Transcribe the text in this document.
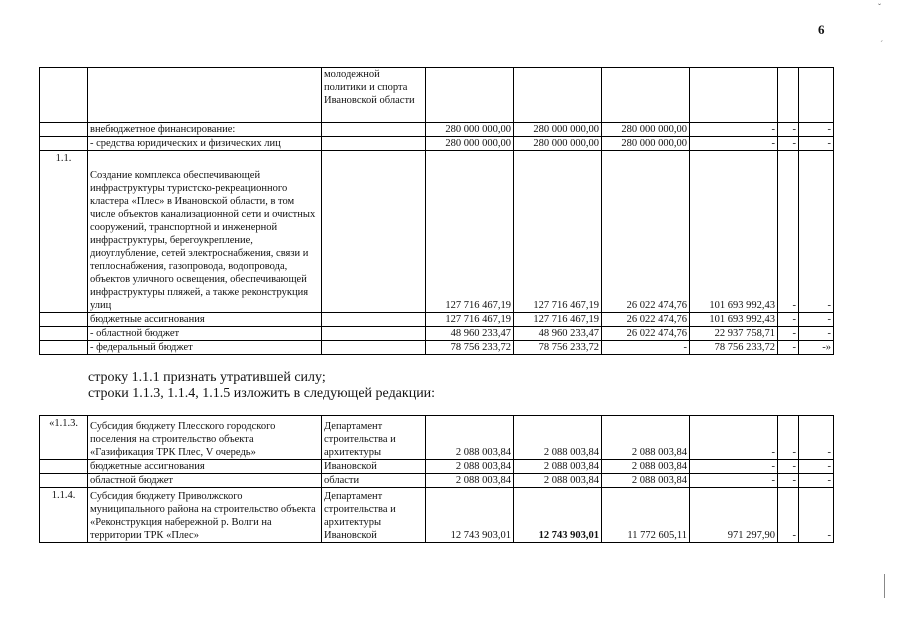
6
ˇ
´
		молодежной политики и спорта Ивановской области						
	внебюджетное финансирование:		280 000 000,00	280 000 000,00	280 000 000,00	-	-	-
	- средства юридических и физических лиц		280 000 000,00	280 000 000,00	280 000 000,00	-	-	-
1.1.	Создание комплекса обеспечивающей инфраструктуры туристско-рекреационного кластера «Плес» в Ивановской области, в том числе объектов канализационной сети и очистных сооружений, транспортной и инженерной инфраструктуры, берегоукрепление, диоуглубление, сетей электроснабжения, связи и теплоснабжения, газопровода, водопровода, объектов уличного освещения, обеспечивающей инфраструктуры пляжей, а также реконструкция улиц		127 716 467,19	127 716 467,19	26 022 474,76	101 693 992,43	-	-
	бюджетные ассигнования		127 716 467,19	127 716 467,19	26 022 474,76	101 693 992,43	-	-
	- областной бюджет		48 960 233,47	48 960 233,47	26 022 474,76	22 937 758,71	-	-
	- федеральный бюджет		78 756 233,72	78 756 233,72	-	78 756 233,72	-	-»
строку 1.1.1 признать утратившей силу;
строки 1.1.3, 1.1.4, 1.1.5 изложить в следующей редакции:
«1.1.3.	Субсидия бюджету Плесского городского поселения на строительство объекта «Газификация ТРК Плес, V очередь»	Департамент строительства и архитектуры	2 088 003,84	2 088 003,84	2 088 003,84	-	-	-
	бюджетные ассигнования	Ивановской	2 088 003,84	2 088 003,84	2 088 003,84	-	-	-
	областной бюджет	области	2 088 003,84	2 088 003,84	2 088 003,84	-	-	-
1.1.4.	Субсидия бюджету Приволжского муниципального района на строительство объекта «Реконструкция набережной р. Волги на территории ТРК «Плес»	Департамент строительства и архитектуры Ивановской	12 743 903,01	12 743 903,01	11 772 605,11	971 297,90	-	-
